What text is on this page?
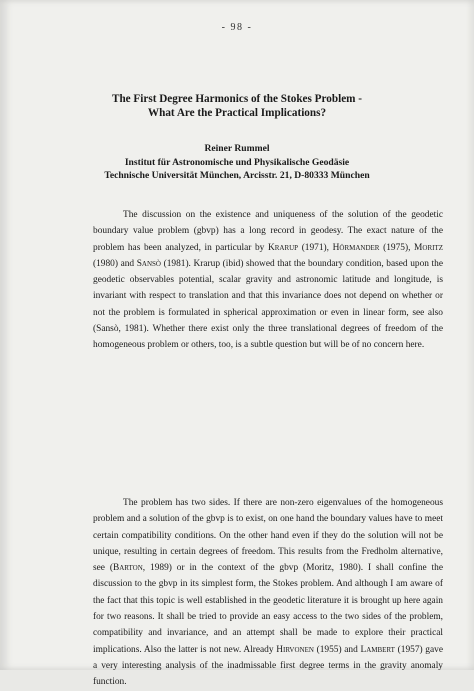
- 98 -
The First Degree Harmonics of the Stokes Problem -
What Are the Practical Implications?
Reiner Rummel
Institut für Astronomische und Physikalische Geodäsie
Technische Universität München, Arcisstr. 21, D-80333 München

The discussion on the existence and uniqueness of the solution of the geodetic boundary value problem (gbvp) has a long record in geodesy. The exact nature of the problem has been analyzed, in particular by Krarup (1971), Hörmander (1975), Moritz (1980) and Sansò (1981). Krarup (ibid) showed that the boundary condition, based upon the geodetic observables potential, scalar gravity and astronomic latitude and longitude, is invariant with respect to translation and that this invariance does not depend on whether or not the problem is formulated in spherical approximation or even in linear form, see also (Sansò, 1981). Whether there exist only the three translational degrees of freedom of the homogeneous problem or others, too, is a subtle question but will be of no concern here.

The problem has two sides. If there are non-zero eigenvalues of the homogeneous problem and a solution of the gbvp is to exist, on one hand the boundary values have to meet certain compatibility conditions. On the other hand even if they do the solution will not be unique, resulting in certain degrees of freedom. This results from the Fredholm alternative, see (Barton, 1989) or in the context of the gbvp (Moritz, 1980). I shall confine the discussion to the gbvp in its simplest form, the Stokes problem. And although I am aware of the fact that this topic is well established in the geodetic literature it is brought up here again for two reasons. It shall be tried to provide an easy access to the two sides of the problem, compatibility and invariance, and an attempt shall be made to explore their practical implications. Also the latter is not new. Already Hirvonen (1955) and Lambert (1957) gave a very interesting analysis of the inadmissable first degree terms in the gravity anomaly function.
